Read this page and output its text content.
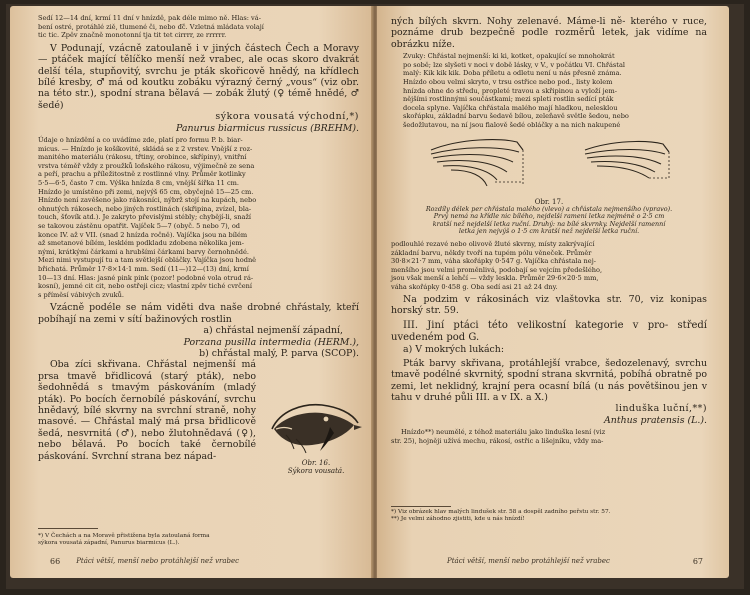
Sedí 12—14 dní, krmí 11 dní v hnízdě, pak déle mimo ně. Hlas: vá-

bení ostré, protáhlé ziě, tlumené či, nebo ďč. Vzletná mládata volají

tic tic. Zpěv značně monotonní tja tit tet cirrrr, ze rrrrrr.

V Podunají, vzácně zatoulaně i v jiných částech Čech a Moravy — ptáček mající tělíčko menší než vrabec, ale ocas skoro dvakrát delší téla, stupňovitý, svrchu je pták skořicově hnědý, na křídlech bílé kresby, ♂ má od koutku zobáku výrazný černý „vous“ (viz obr. na této str.), spodní strana bělavá — zobák žlutý (♀ témě hnědé, ♂ šedé)

sýkora vousatá východní,*)

Panurus biarmicus russicus (BREHM).

Údaje o hnízdění a co uvádíme zde, platí pro formu P. b. biar-

micus. — Hnízdo je košíkovité, skládá se z 2 vrstev. Vnější z roz-

manitého materiálu (rákosu, třtiny, orobince, skřípiny), vnitřní

vrstva téměř vždy z proužků loňského rákosu, výjimečně ze sena

a peří, prachu a příležitostně z rostlinné vlny. Průměr kotlinky

5·5—6·5, často 7 cm. Výška hnízda 8 cm, vnější šířka 11 cm.

Hnízdo je umístěno při zemi, nejvýš 65 cm, obyčejně 15—25 cm.

Hnízdo není zavěšeno jako rákosníci, nýbrž stojí na kupách, nebo

ohnutých rákosech, nebo jiných rostlinách (skřipina, zvízel, bla-

touch, šťovík atd.). Je zakryto převislými stébly; chybějí-li, snaží

se takovou zástěnu opatřit. Vajíček 5—7 (obyč. 5 nebo 7), od

konce IV. až v VII. (snad 2 hnízda ročně). Vajíčka jsou na bílém

až smetanové bílém, lesklém podkladu zdobena několika jem-

nými, krátkými čárkami a hrubšími čárkami barvy černohnědé.

Mezi nimi vystupují tu a tam světlejší obláčky. Vajíčka jsou hodně

břichatá. Průměr 17·8×14·1 mm. Sedí (11—)12—(13) dní, krmí

10—13 dní. Hlas: jasné pink pink (pozor! podobné vola otrud rá-

kosní), jemné cit cit, nebo ostřeji cicz; vlastní zpěv tiché cvrčení

s příměsí vábivých zvuků.

Vzácně podéle se nám viděti dva naše drobné chřástaly, kteří pobíhají na zemi v sítí bažinových rostlin

a) chřástal nejmenší západní,

Porzana pusilla intermedia (HERM.),

b) chřástal malý, P. parva (SCOP).

Oba zíci skřivana. Chřástal nejmenší má prsa tmavě břidlicová (starý pták), nebo šedohnědá s tmavým páskováním (mladý pták). Po bocích černobílé páskování, svrchu hnědavý, bílé skvrny na svrchní straně, nohy masové. — Chřástal malý má prsa břidlicově šedá, nesvrnitá (♂), nebo žlutohnědavá (♀), nebo bělavá. Po bocích také černobílé páskování. Svrchní strana bez nápad-

Obr. 16.
Sýkora vousatá.
*) V Čechách a na Moravě přistižena byla zatoulaná forma
sýkora vousatá západní, Panurus biarmicus (L.).
66 Ptáci větší, menší nebo protáhlejší než vrabec

ných bílých skvrn. Nohy zelenavé. Máme-li ně- kterého v ruce, poznáme drub bezpečně podle rozměrů letek, jak vidíme na obrázku níže.

Zvuky: Chřástal nejmenší: ki ki, kotket, opakující se mnohokrát

po sobě; lze slyšeti v noci v době lásky, v V., v počátku VI. Chřástal

malý: Kik kik kik. Doba příletu a odletu není u nás přesně známa.

Hnízdo obou velmi skryto, v trsu ostřice nebo pod., listy kolem

hnízda ohne do středu, propleté travou a skřipinou a vyloží jem-

nějšími rostlinnými součástkami; mezi spleti rostlin sedící pták

docela splyne. Vajíčka chřástala malého mají hladkou, nelesklou

skořápku, základní barvu šedavě bílou, zeleňavě světle šedou, nebo

šedožlutavou, na ní jsou fialově šedé obláčky a na nich nakupené

Obr. 17.
Rozdíly délek per chřástala malého (vlevo) a chřástala nejmenšího (vpravo).
Prvý nemá na křídle nic bílého, nejdelší rameni letka nejméně o 2·5 cm
kratší než nejdelší letka ruční. Druhý: na bílé skvrnky. Nejdelší ramenní
letka jen nejvýš o 1·5 cm kratší než nejdelší letka ruční.

podlouhlé rezavé nebo olivově žluté skvrny, místy zakrývající

základní barvu, někdy tvoří na tupém pólu věneček. Průměr

30·8×21·7 mm, váha skořápky 0·547 g. Vajíčka chřástala nej-

menšího jsou velmi proměnlivá, podobají se vejcím předešlého,

jsou však menší a lehčí — vždy leskla. Průměr 29·6×20·5 mm,

váha skořápky 0·458 g. Oba sedí asi 21 až 24 dny.

Na podzim v rákosinách viz vlaštovka str. 70, viz konipas horský str. 59.

III. Jiní ptáci této velikostní kategorie v pro- středí uvedeném pod G.

a) V mokrých lukách:

Pták barvy skřivana, protáhlejší vrabce, šedozelenavý, svrchu tmavě podélné skvrnitý, spodní strana skvrnitá, pobíhá obratně po zemi, let neklidný, krajní pera ocasní bílá (u nás povětšinou jen v tahu v druhé půli III. a v IX. a X.)

linduška luční,**)

Anthus pratensis (L.).

Hnízdo**) neumělé, z téhož materiálu jako linduška lesní (viz

str. 25), hojněji užívá mechu, rákosí, ostřic a lišejníku, vždy ma-

*) Viz obrázek hlav malých lindušek str. 58 a dospěl zadního peřstu str. 57.
**) Je velmi záhodno zjistiti, kde u nás hnízdí!
Ptáci větší, menší nebo protáhlejší než vrabec	67
